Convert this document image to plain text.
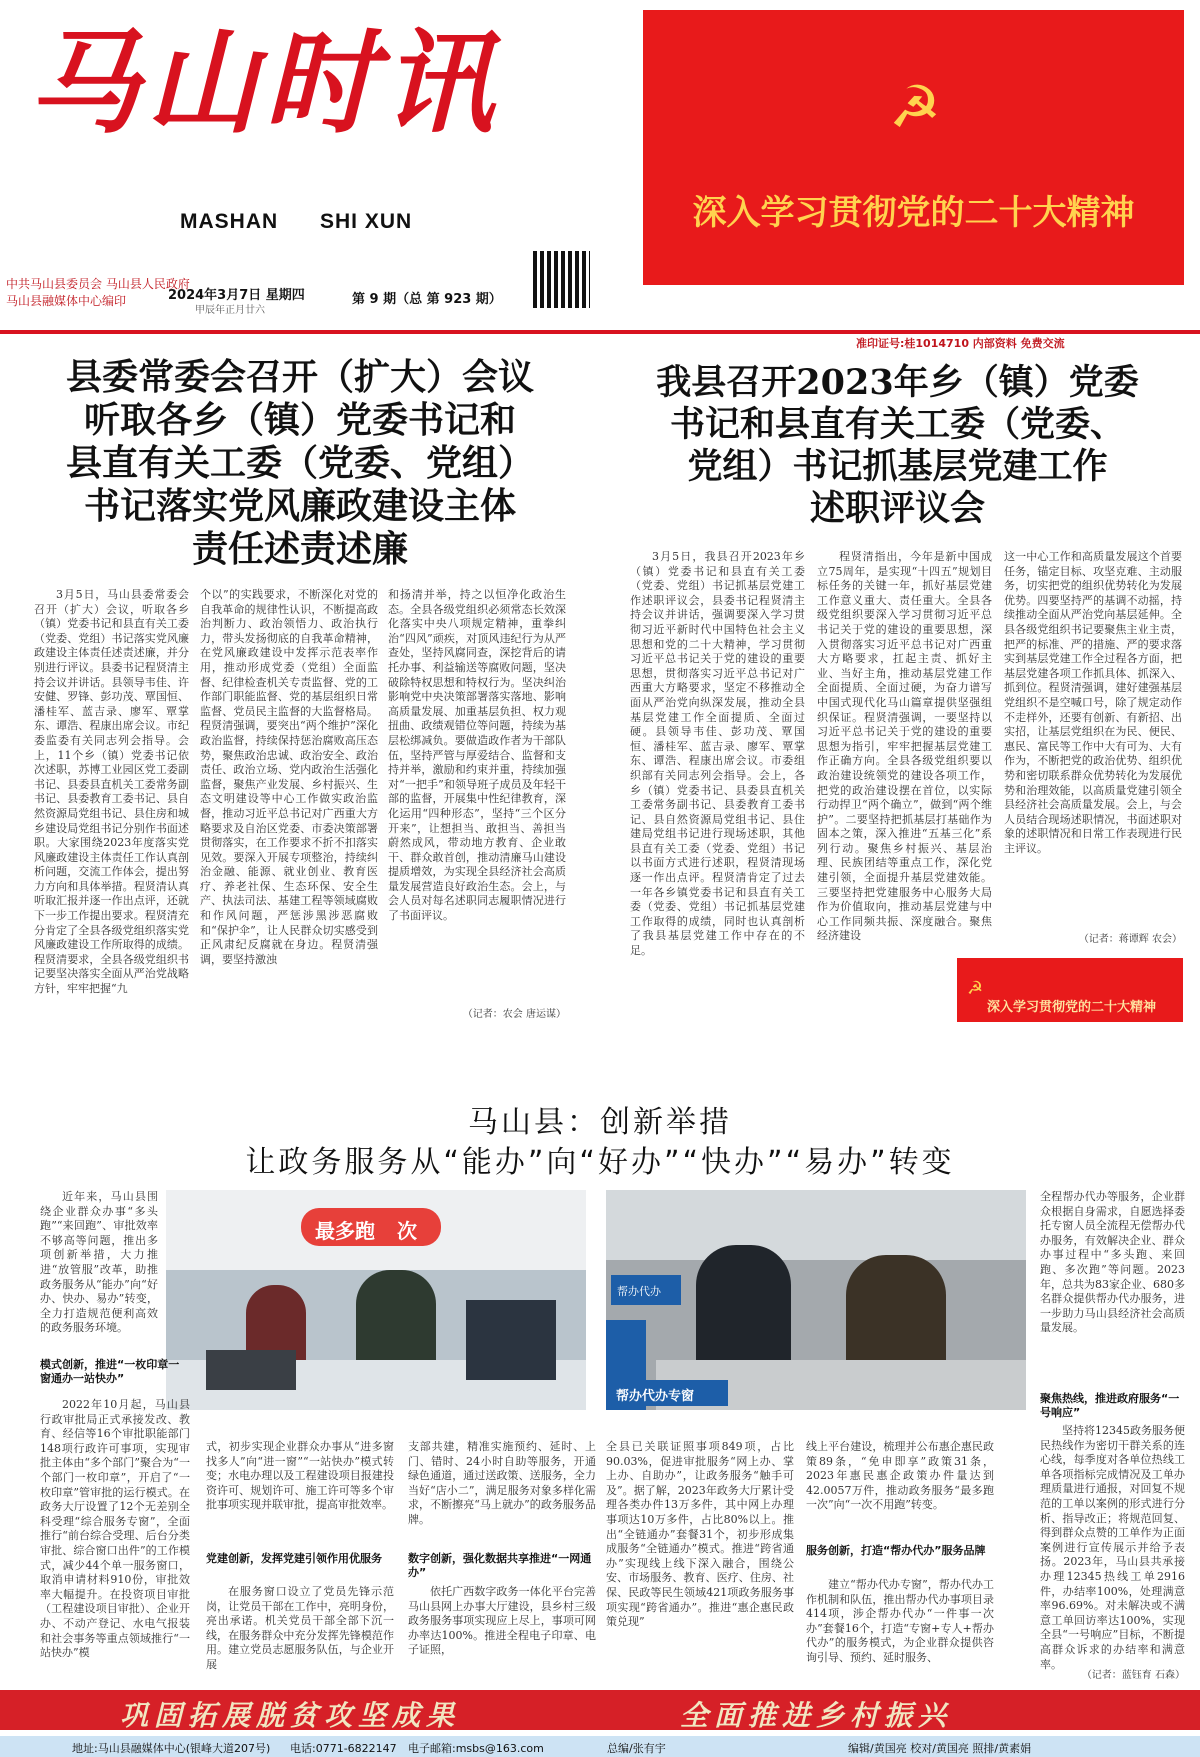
马山时讯
MASHAN SHI XUN
中共马山县委员会 马山县人民政府
马山县融媒体中心编印	2024年3月7日 星期四
甲辰年正月廿六
第 9 期（总 第 923 期）
☭
深入学习贯彻党的二十大精神
准印证号:桂1014710 内部资料 免费交流
县委常委会召开（扩大）会议
听取各乡（镇）党委书记和
县直有关工委（党委、党组）
书记落实党风廉政建设主体
责任述责述廉

3月5日，马山县委常委会召开（扩大）会议，听取各乡（镇）党委书记和县直有关工委（党委、党组）书记落实党风廉政建设主体责任述责述廉，并分别进行评议。县委书记程贤清主持会议并讲话。县领导韦佳、许安健、罗锋、彭功茂、覃国恒、潘桂军、蓝吉录、廖军、覃掌东、谭浩、程康出席会议。市纪委监委有关同志列会指导。会上，11个乡（镇）党委书记依次述职，苏博工业园区党工委副书记、县委县直机关工委常务副书记、县委教育工委书记、县自然资源局党组书记、县住房和城乡建设局党组书记分别作书面述职。大家围绕2023年度落实党风廉政建设主体责任工作认真剖析问题，交流工作体会，提出努力方向和具体举措。程贤清认真听取汇报并逐一作出点评，还就下一步工作提出要求。程贤清充分肯定了全县各级党组织落实党风廉政建设工作所取得的成绩。程贤清要求，全县各级党组织书记要坚决落实全面从严治党战略方针，牢牢把握“九

个以”的实践要求，不断深化对党的自我革命的规律性认识，不断提高政治判断力、政治领悟力、政治执行力，带头发扬彻底的自我革命精神，在党风廉政建设中发挥示范表率作用，推动形成党委（党组）全面监督、纪律检查机关专责监督、党的工作部门职能监督、党的基层组织日常监督、党员民主监督的大监督格局。程贤清强调，要突出“两个维护”深化政治监督，持续保持惩治腐败高压态势，聚焦政治忠诚、政治安全、政治责任、政治立场、党内政治生活强化监督，聚焦产业发展、乡村振兴、生态文明建设等中心工作做实政治监督，推动习近平总书记对广西重大方略要求及自治区党委、市委决策部署贯彻落实，在工作要求不折不扣落实见效。要深入开展专项整治，持续纠治金融、能源、就业创业、教育医疗、养老社保、生态环保、安全生产、执法司法、基建工程等领域腐败和作风问题，严惩涉黑涉恶腐败和“保护伞”，让人民群众切实感受到正风肃纪反腐就在身边。程贤清强调，要坚持激浊

和扬清并举，持之以恒净化政治生态。全县各级党组织必须常态长效深化落实中央八项规定精神，重拳纠治“四风”顽疾，对顶风违纪行为从严查处，坚持风腐同查，深挖背后的请托办事、利益输送等腐败问题，坚决破除特权思想和特权行为。坚决纠治影响党中央决策部署落实落地、影响高质量发展、加重基层负担、权力观扭曲、政绩观错位等问题，持续为基层松绑减负。要做造政作者为干部队伍，坚持严管与厚爱结合、监督和支持并举，激励和约束并重，持续加强对“一把手”和领导班子成员及年轻干部的监督，开展集中性纪律教育，深化运用“四种形态”，坚持“三个区分开来”，让想担当、敢担当、善担当蔚然成风，带动地方教育、企业敢干、群众敢首创，推动清廉马山建设提质增效，为实现全县经济社会高质量发展营造良好政治生态。会上，与会人员对每名述职同志履职情况进行了书面评议。

（记者：农会 唐运谋）
我县召开2023年乡（镇）党委
书记和县直有关工委（党委、
党组）书记抓基层党建工作
述职评议会

3月5日，我县召开2023年乡（镇）党委书记和县直有关工委（党委、党组）书记抓基层党建工作述职评议会，县委书记程贤清主持会议并讲话，强调要深入学习贯彻习近平新时代中国特色社会主义思想和党的二十大精神，学习贯彻习近平总书记关于党的建设的重要思想，贯彻落实习近平总书记对广西重大方略要求，坚定不移推动全面从严治党向纵深发展，推动全县基层党建工作全面提质、全面过硬。县领导韦佳、彭功茂、覃国恒、潘桂军、蓝吉录、廖军、覃掌东、谭浩、程康出席会议。市委组织部有关同志列会指导。会上，各乡（镇）党委书记、县委县直机关工委常务副书记、县委教育工委书记、县自然资源局党组书记、县住建局党组书记进行现场述职，其他县直有关工委（党委、党组）书记以书面方式进行述职，程贤清现场逐一作出点评。程贤清肯定了过去一年各乡镇党委书记和县直有关工委（党委、党组）书记抓基层党建工作取得的成绩，同时也认真剖析了我县基层党建工作中存在的不足。

程贤清指出，今年是新中国成立75周年，是实现“十四五”规划目标任务的关键一年，抓好基层党建工作意义重大、责任重大。全县各级党组织要深入学习贯彻习近平总书记关于党的建设的重要思想，深入贯彻落实习近平总书记对广西重大方略要求，扛起主责、抓好主业、当好主角，推动基层党建工作全面提质、全面过硬，为奋力谱写中国式现代化马山篇章提供坚强组织保证。程贤清强调，一要坚持以习近平总书记关于党的建设的重要思想为指引，牢牢把握基层党建工作正确方向。全县各级党组织要以政治建设统领党的建设各项工作，把党的政治建设摆在首位，以实际行动捍卫“两个确立”，做到“两个维护”。二要坚持把抓基层打基础作为固本之策，深入推进“五基三化”系列行动。聚焦乡村振兴、基层治理、民族团结等重点工作，深化党建引领，全面提升基层党建效能。三要坚持把党建服务中心服务大局作为价值取向，推动基层党建与中心工作同频共振、深度融合。聚焦经济建设

这一中心工作和高质量发展这个首要任务，锚定目标、攻坚克难、主动服务，切实把党的组织优势转化为发展优势。四要坚持严的基调不动摇，持续推动全面从严治党向基层延伸。全县各级党组织书记要聚焦主业主责，把严的标准、严的措施、严的要求落实到基层党建工作全过程各方面，把基层党建各项工作抓具体、抓深入、抓到位。程贤清强调，建好建强基层党组织不是空喊口号，除了规定动作不走样外，还要有创新、有新招、出实招，让基层党组织在为民、便民、惠民、富民等工作中大有可为、大有作为，不断把党的政治优势、组织优势和密切联系群众优势转化为发展优势和治理效能，以高质量党建引领全县经济社会高质量发展。会上，与会人员结合现场述职情况，书面述职对象的述职情况和日常工作表现进行民主评议。

（记者：蒋谭辉 农会）
☭
深入学习贯彻党的二十大精神
马山县：创新举措
让政务服务从“能办”向“好办”“快办”“易办”转变

近年来，马山县围绕企业群众办事“多头跑”“来回跑”、审批效率不够高等问题，推出多项创新举措，大力推进“放管服”改革，助推政务服务从“能办”向“好办、快办、易办”转变，全力打造规范便利高效的政务服务环境。

最多跑 次
帮办代办
帮办代办专窗

全程帮办代办等服务，企业群众根据自身需求，自愿选择委托专窗人员全流程无偿帮办代办服务，有效解决企业、群众办事过程中“多头跑、来回跑、多次跑”等问题。2023年，总共为83家企业、680多名群众提供帮办代办服务，进一步助力马山县经济社会高质量发展。

聚焦热线，推进政府服务“一号响应”

坚持将12345政务服务便民热线作为密切干群关系的连心线，每季度对各单位热线工单各项指标完成情况及工单办理质量进行通报，对回复不规范的工单以案例的形式进行分析、指导改正；将规范回复、得到群众点赞的工单作为正面案例进行宣传展示并给予表扬。2023年，马山县共承接办理12345热线工单2916件，办结率100%，处理满意率96.69%。对未解决或不满意工单回访率达100%，实现全县“一号响应”目标，不断提高群众诉求的办结率和满意率。

（记者：蓝钰育 石森）
模式创新，推进“一枚印章一窗通办一站快办”

2022年10月起，马山县行政审批局正式承接发改、教育、经信等16个审批职能部门148项行政许可事项，实现审批主体由“多个部门”聚合为“一个部门一枚印章”，开启了“一枚印章”管审批的运行模式。在政务大厅设置了12个无差别全科受理“综合服务专窗”，全面推行“前台综合受理、后台分类审批、综合窗口出件”的工作模式，减少44个单一服务窗口，取消申请材料910份，审批效率大幅提升。在投资项目审批（工程建设项目审批）、企业开办、不动产登记、水电气报装和社会事务等重点领域推行“一站快办”模

式，初步实现企业群众办事从“进多窗找多人”向“进一窗”“一站快办”模式转变；水电办理以及工程建设项目报建投资许可、规划许可、施工许可等多个审批事项实现并联审批，提高审批效率。

党建创新，发挥党建引领作用优服务

在服务窗口设立了党员先锋示范岗，让党员干部在工作中，亮明身份，亮出承诺。机关党员干部全部下沉一线，在服务群众中充分发挥先锋模范作用。建立党员志愿服务队伍，与企业开展

支部共建，精准实施预约、延时、上门、错时、24小时自助等服务，开通绿色通道，通过送政策、送服务，全力当好“店小二”，满足服务对象多样化需求，不断擦亮“马上就办”的政务服务品牌。

数字创新，强化数据共享推进“一网通办”

依托广西数字政务一体化平台完善马山县网上办事大厅建设，县乡村三级政务服务事项实现应上尽上，事项可网办率达100%。推进全程电子印章、电子证照，

全县已关联证照事项849项，占比90.03%，促进审批服务“网上办、掌上办、自助办”，让政务服务“触手可及”。据了解，2023年政务大厅累计受理各类办件13万多件，其中网上办理事项达10万多件，占比80%以上。推出“全链通办”套餐31个，初步形成集成服务“全链通办”模式。推进“跨省通办”实现线上线下深入融合，围绕公安、市场服务、教育、医疗、住房、社保、民政等民生领域421项政务服务事项实现“跨省通办”。推进“惠企惠民政策兑现”

线上平台建设，梳理并公布惠企惠民政策89条，“免申即享”政策31条，2023年惠民惠企政策办件量达到42.0057万件，推动政务服务“最多跑一次”向“一次不用跑”转变。

服务创新，打造“帮办代办”服务品牌

建立“帮办代办专窗”，帮办代办工作机制和队伍，推出帮办代办事项目录414项，涉企帮办代办“一件事一次办”套餐16个，打造“专窗+专人+帮办代办”的服务模式，为企业群众提供咨询引导、预约、延时服务、

巩固拓展脱贫攻坚成果	全面推进乡村振兴
地址:马山县融媒体中心(银峰大道207号) 电话:0771-6822147 电子邮箱:msbs@163.com	总编/张有宇	编辑/黄国亮 校对/黄国亮 照排/黄素娟
